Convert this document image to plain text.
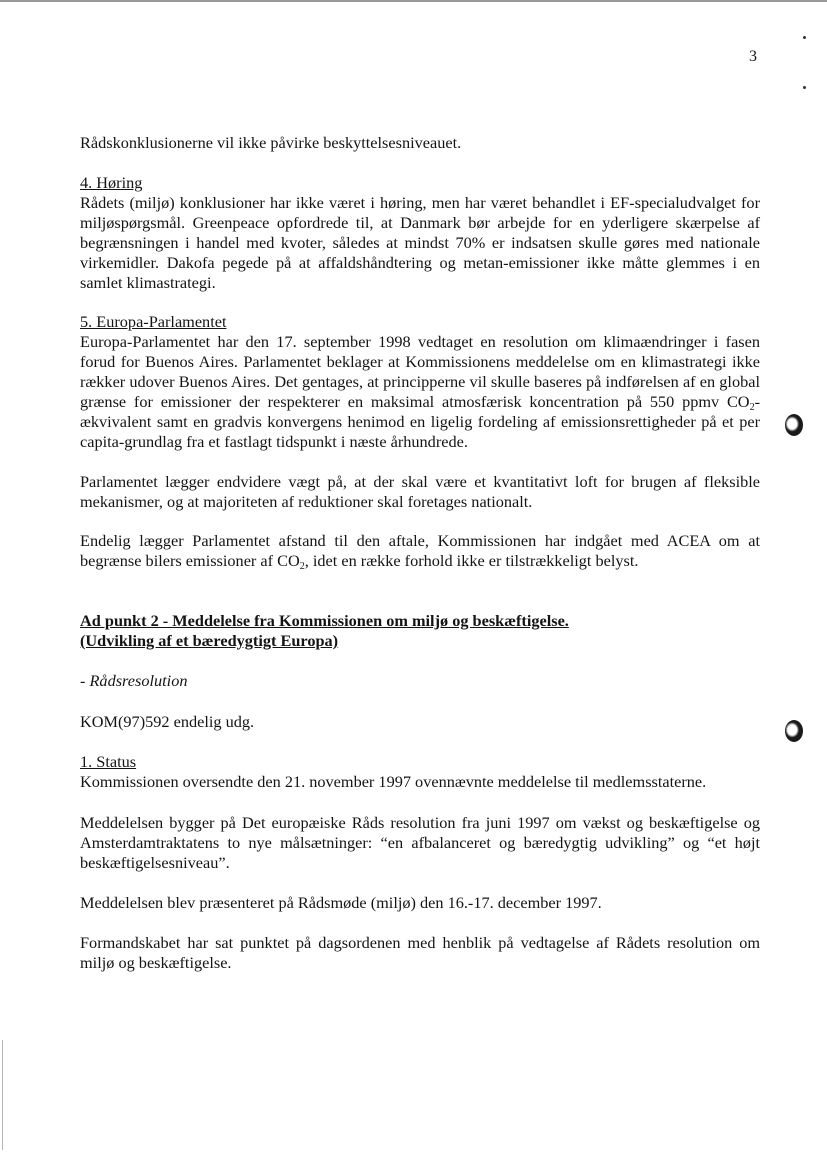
3

Rådskonklusionerne vil ikke påvirke beskyttelsesniveauet.

4. Høring

Rådets (miljø) konklusioner har ikke været i høring, men har været behandlet i EF-specialudvalget for miljøspørgsmål. Greenpeace opfordrede til, at Danmark bør arbejde for en yderligere skærpelse af begrænsningen i handel med kvoter, således at mindst 70% er indsatsen skulle gøres med nationale virkemidler. Dakofa pegede på at affaldshåndtering og metan-emissioner ikke måtte glemmes i en samlet klimastrategi.

5. Europa-Parlamentet

Europa-Parlamentet har den 17. september 1998 vedtaget en resolution om klimaændringer i fasen forud for Buenos Aires. Parlamentet beklager at Kommissionens meddelelse om en klimastrategi ikke rækker udover Buenos Aires. Det gentages, at principperne vil skulle baseres på indførelsen af en global grænse for emissioner der respekterer en maksimal atmosfærisk koncentration på 550 ppmv $CO_2$-ækvivalent samt en gradvis konvergens henimod en ligelig fordeling af emissionsrettigheder på et per capita-grundlag fra et fastlagt tidspunkt i næste århundrede.

Parlamentet lægger endvidere vægt på, at der skal være et kvantitativt loft for brugen af fleksible mekanismer, og at majoriteten af reduktioner skal foretages nationalt.

Endelig lægger Parlamentet afstand til den aftale, Kommissionen har indgået med ACEA om at begrænse bilers emissioner af $CO_2$, idet en række forhold ikke er tilstrækkeligt belyst.

Ad punkt 2 - Meddelelse fra Kommissionen om miljø og beskæftigelse.

(Udvikling af et bæredygtigt Europa)

- Rådsresolution

KOM(97)592 endelig udg.

1. Status

Kommissionen oversendte den 21. november 1997 ovennævnte meddelelse til medlemsstaterne.

Meddelelsen bygger på Det europæiske Råds resolution fra juni 1997 om vækst og beskæftigelse og Amsterdamtraktatens to nye målsætninger: “en afbalanceret og bæredygtig udvikling” og “et højt beskæftigelsesniveau”.

Meddelelsen blev præsenteret på Rådsmøde (miljø) den 16.-17. december 1997.

Formandskabet har sat punktet på dagsordenen med henblik på vedtagelse af Rådets resolution om miljø og beskæftigelse.
